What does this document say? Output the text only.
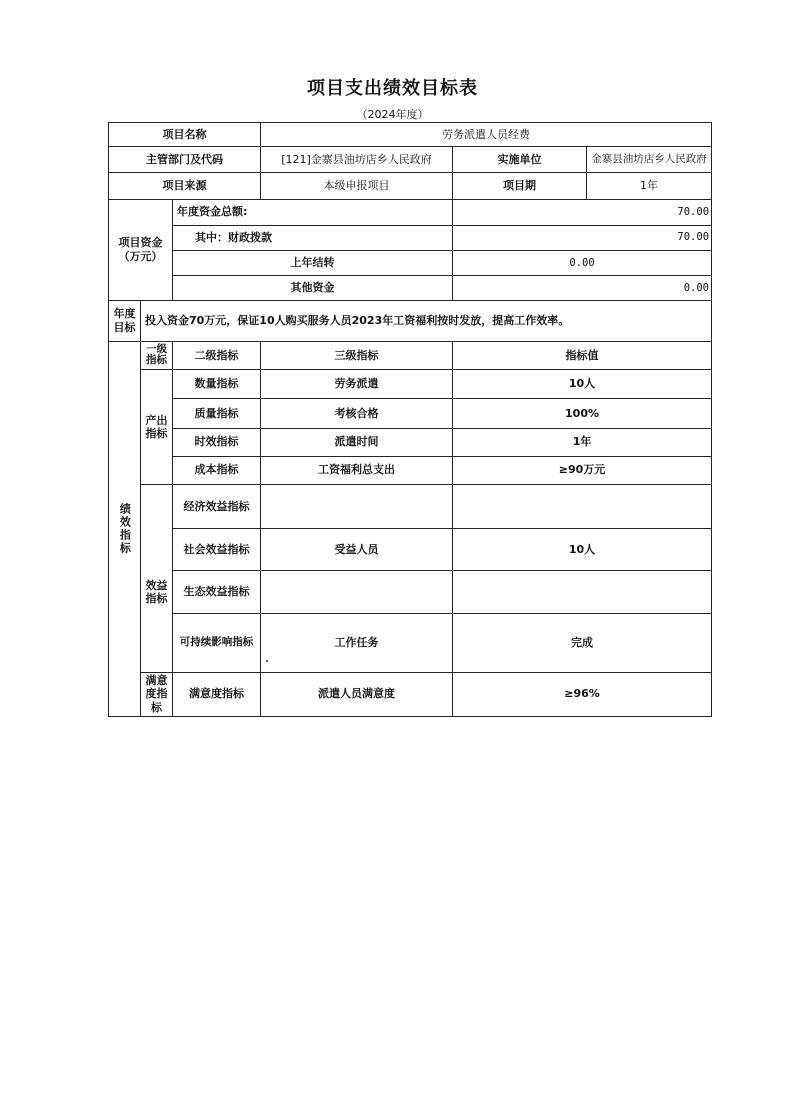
项目支出绩效目标表
（2024年度）
项目名称			劳务派遣人员经费		
主管部门及代码			[121]金寨县油坊店乡人民政府	实施单位	金寨县油坊店乡人民政府
项目来源			本级申报项目	项目期	1年

项目资金
（万元）		年度资金总额:		70.00	
		其中：财政拨款		70.00	
		上年结转		0.00	
		其他资金		0.00	

年度
目标	投入资金70万元，保证10人购买服务人员2023年工资福利按时发放，提高工作效率。				

绩效指标	一级指标	二级指标	三级指标	指标值	
	产出指标	数量指标	劳务派遣	10人	
		质量指标	考核合格	100%	
		时效指标	派遣时间	1年	
		成本指标	工资福利总支出	≥90万元	
	效益指标	经济效益指标			
		社会效益指标	受益人员	10人	
		生态效益指标			
		可持续影响指标	工作任务	完成	
	满意度指标	满意度指标	派遣人员满意度	≥96%	
